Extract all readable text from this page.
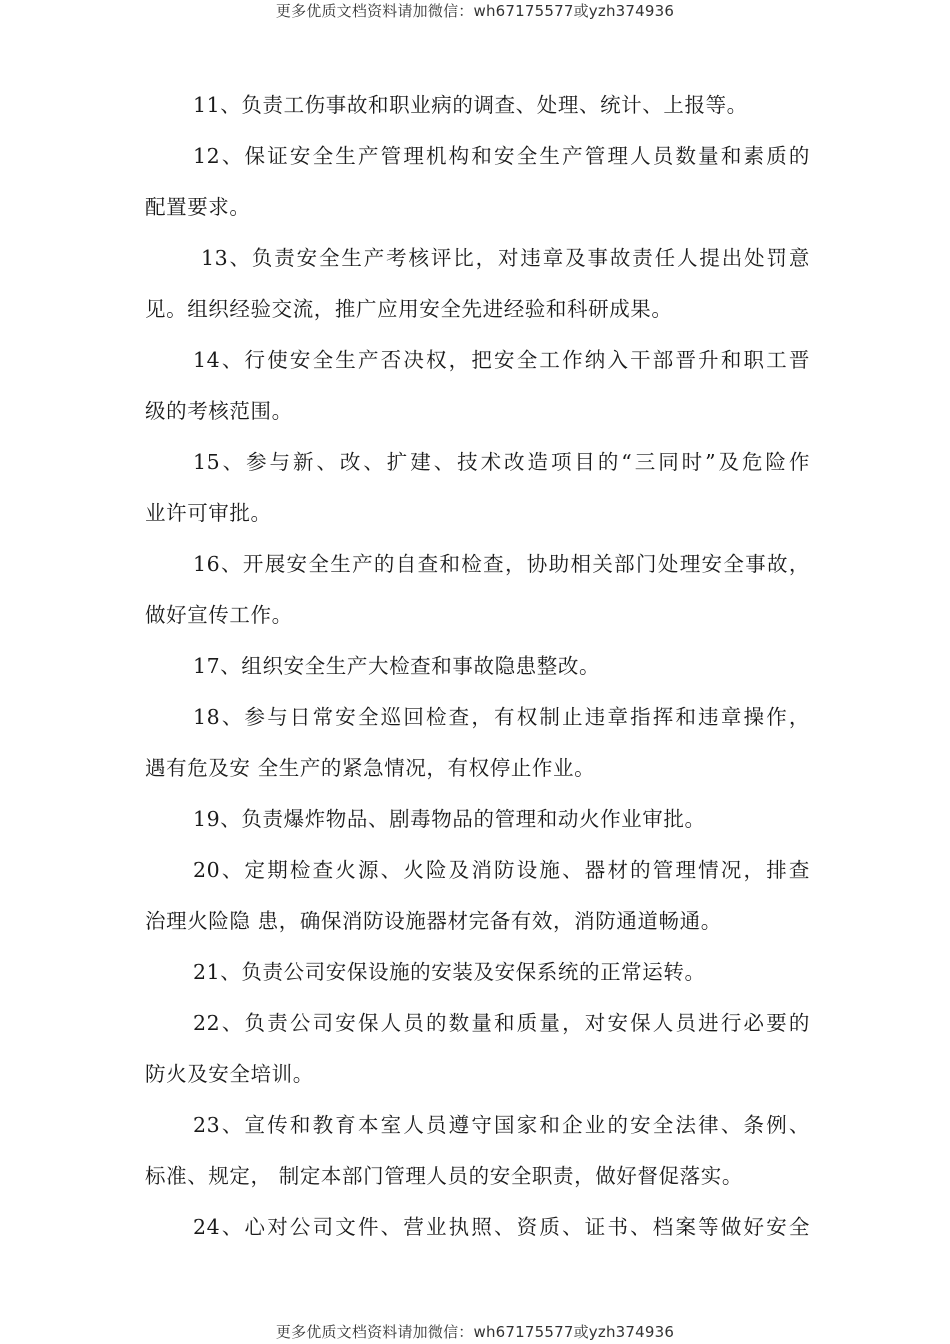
更多优质文档资料请加微信：wh67175577或yzh374936
11、负责工伤事故和职业病的调查、处理、统计、上报等。
12、保证安全生产管理机构和安全生产管理人员数量和素质的
配置要求。
13、负责安全生产考核评比，对违章及事故责任人提出处罚意
见。组织经验交流，推广应用安全先进经验和科研成果。
14、行使安全生产否决权，把安全工作纳入干部晋升和职工晋
级的考核范围。
15、参与新、改、扩建、技术改造项目的“三同时”及危险作
业许可审批。
16、开展安全生产的自查和检查，协助相关部门处理安全事故，
做好宣传工作。
17、组织安全生产大检查和事故隐患整改。
18、参与日常安全巡回检查，有权制止违章指挥和违章操作，
遇有危及安 全生产的紧急情况，有权停止作业。
19、负责爆炸物品、剧毒物品的管理和动火作业审批。
20、定期检查火源、火险及消防设施、器材的管理情况，排查
治理火险隐 患，确保消防设施器材完备有效，消防通道畅通。
21、负责公司安保设施的安装及安保系统的正常运转。
22、负责公司安保人员的数量和质量，对安保人员进行必要的
防火及安全培训。
23、宣传和教育本室人员遵守国家和企业的安全法律、条例、
标准、规定， 制定本部门管理人员的安全职责，做好督促落实。
24、心对公司文件、营业执照、资质、证书、档案等做好安全
更多优质文档资料请加微信：wh67175577或yzh374936
